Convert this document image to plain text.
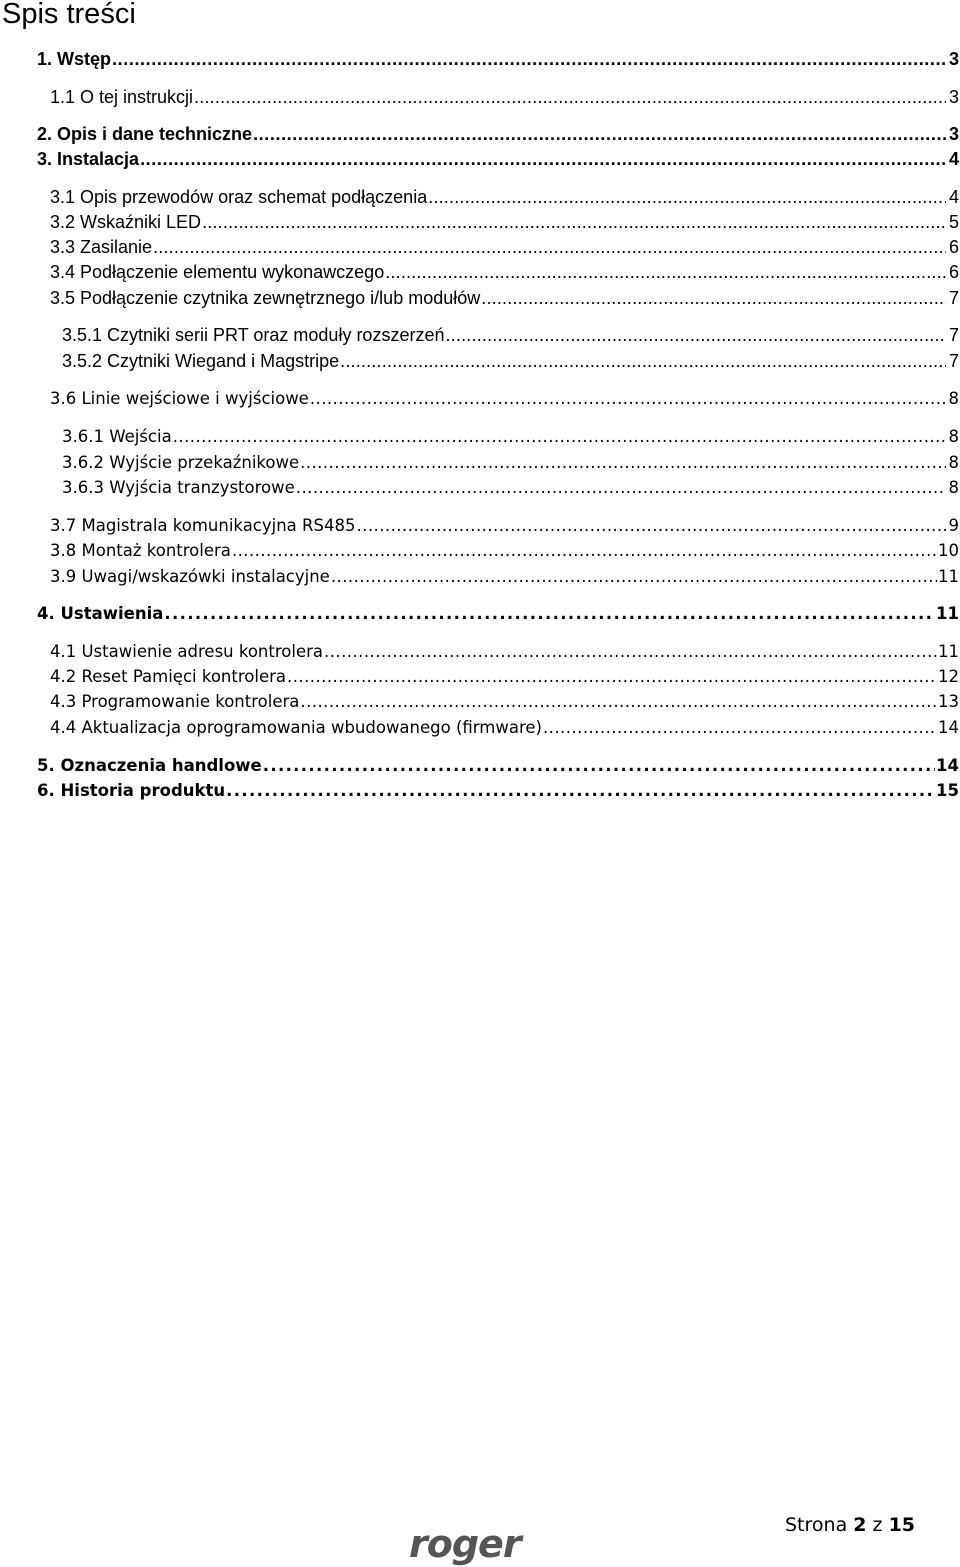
Spis treści
1. Wstęp . . .	3
1.1 O tej instrukcji . . .	3
2. Opis i dane techniczne . . .	3
3. Instalacja . . .	4
3.1 Opis przewodów oraz schemat podłączenia . . .	4
3.2 Wskaźniki LED . . .	5
3.3 Zasilanie . . .	6
3.4 Podłączenie elementu wykonawczego . . .	6
3.5 Podłączenie czytnika zewnętrznego i/lub modułów . . .	7
3.5.1 Czytniki serii PRT oraz moduły rozszerzeń . . .	7
3.5.2 Czytniki Wiegand i Magstripe . . .	7
3.6 Linie wejściowe i wyjściowe . . .	8
3.6.1 Wejścia . . .	8
3.6.2 Wyjście przekaźnikowe . . .	8
3.6.3 Wyjścia tranzystorowe . . .	8
3.7 Magistrala komunikacyjna RS485 . . .	9
3.8 Montaż kontrolera . . .	10
3.9 Uwagi/wskazówki instalacyjne . . .	11
4. Ustawienia . . .	11
4.1 Ustawienie adresu kontrolera . . .	11
4.2 Reset Pamięci kontrolera . . .	12
4.3 Programowanie kontrolera . . .	13
4.4 Aktualizacja oprogramowania wbudowanego (firmware) . . .	14
5. Oznaczenia handlowe . . .	14
6. Historia produktu . . .	15
roger	Strona 2 z 15
